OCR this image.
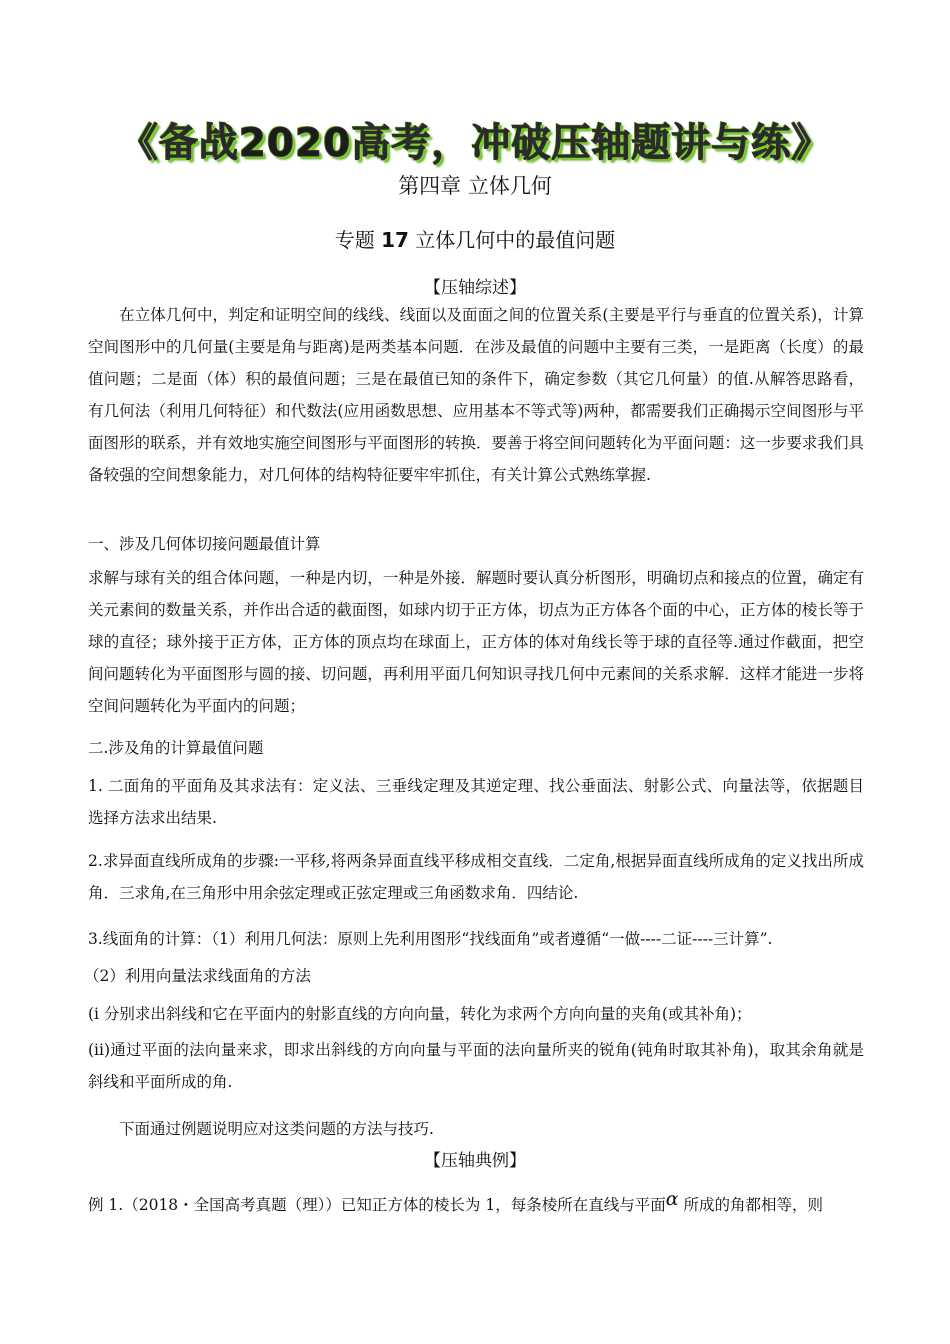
《备战2020高考，冲破压轴题讲与练》
第四章 立体几何
专题 17 立体几何中的最值问题
【压轴综述】

在立体几何中，判定和证明空间的线线、线面以及面面之间的位置关系(主要是平行与垂直的位置关系)，计算空间图形中的几何量(主要是角与距离)是两类基本问题．在涉及最值的问题中主要有三类，一是距离（长度）的最值问题；二是面（体）积的最值问题；三是在最值已知的条件下，确定参数（其它几何量）的值.从解答思路看，有几何法（利用几何特征）和代数法(应用函数思想、应用基本不等式等)两种，都需要我们正确揭示空间图形与平面图形的联系，并有效地实施空间图形与平面图形的转换．要善于将空间问题转化为平面问题：这一步要求我们具备较强的空间想象能力，对几何体的结构特征要牢牢抓住，有关计算公式熟练掌握.

一、涉及几何体切接问题最值计算

求解与球有关的组合体问题，一种是内切，一种是外接．解题时要认真分析图形，明确切点和接点的位置，确定有关元素间的数量关系，并作出合适的截面图，如球内切于正方体，切点为正方体各个面的中心，正方体的棱长等于球的直径；球外接于正方体，正方体的顶点均在球面上，正方体的体对角线长等于球的直径等.通过作截面，把空间问题转化为平面图形与圆的接、切问题，再利用平面几何知识寻找几何中元素间的关系求解．这样才能进一步将空间问题转化为平面内的问题；

二.涉及角的计算最值问题

1. 二面角的平面角及其求法有：定义法、三垂线定理及其逆定理、找公垂面法、射影公式、向量法等，依据题目选择方法求出结果.

2.求异面直线所成角的步骤:一平移,将两条异面直线平移成相交直线．二定角,根据异面直线所成角的定义找出所成角．三求角,在三角形中用余弦定理或正弦定理或三角函数求角．四结论.

3.线面角的计算：（1）利用几何法：原则上先利用图形“找线面角”或者遵循“一做----二证----三计算”.
（2）利用向量法求线面角的方法
(i 分别求出斜线和它在平面内的射影直线的方向向量，转化为求两个方向向量的夹角(或其补角)；

(ii)通过平面的法向量来求，即求出斜线的方向向量与平面的法向量所夹的锐角(钝角时取其补角)，取其余角就是斜线和平面所成的角.

下面通过例题说明应对这类问题的方法与技巧.
【压轴典例】
例 1.（2018・全国高考真题（理））已知正方体的棱长为 1，每条棱所在直线与平面α 所成的角都相等，则
